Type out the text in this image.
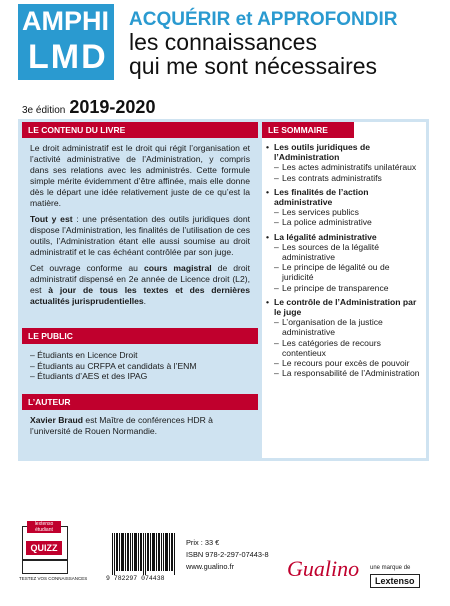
AMPHI
LMD
ACQUÉRIR et APPROFONDIR
les connaissances
qui me sont nécessaires
3e édition 2019-2020
LE CONTENU DU LIVRE
Le droit administratif est le droit qui régit l’organisation et l’activité administrative de l’Administration, y compris dans ses relations avec les administrés. Cette formule simple mérite évidemment d’être affinée, mais elle donne dès le départ une idée relativement juste de ce qu’est la matière.
Tout y est : une présentation des outils juridiques dont dispose l’Administration, les finalités de l’utilisation de ces outils, l’Administration étant elle aussi soumise au droit administratif et le cas échéant contrôlée par son juge.
Cet ouvrage conforme au cours magistral de droit administratif dispensé en 2e année de Licence droit (L2), est à jour de tous les textes et des dernières actualités jurisprudentielles.
LE PUBLIC
– Étudiants en Licence Droit
– Étudiants au CRFPA et candidats à l’ENM
– Étudiants d’AES et des IPAG
L’AUTEUR
Xavier Braud est Maître de conférences HDR à l’université de Rouen Normandie.
LE SOMMAIRE
• Les outils juridiques de l’Administration
– Les actes administratifs unilatéraux
– Les contrats administratifs
• Les finalités de l’action administrative
– Les services publics
– La police administrative
• La légalité administrative
– Les sources de la légalité administrative
– Le principe de légalité ou de juridicité
– Le principe de transparence
• Le contrôle de l’Administration par le juge
– L’organisation de la justice administrative
– Les catégories de recours contentieux
– Le recours pour excès de pouvoir
– La responsabilité de l’Administration
lextenso étudiant
QUIZZ
TESTEZ VOS CONNAISSANCES	9 782297 074438
Prix : 33 €
ISBN 978-2-297-07443-8
www.gualino.fr	Gualino une marque de
Lextenso
